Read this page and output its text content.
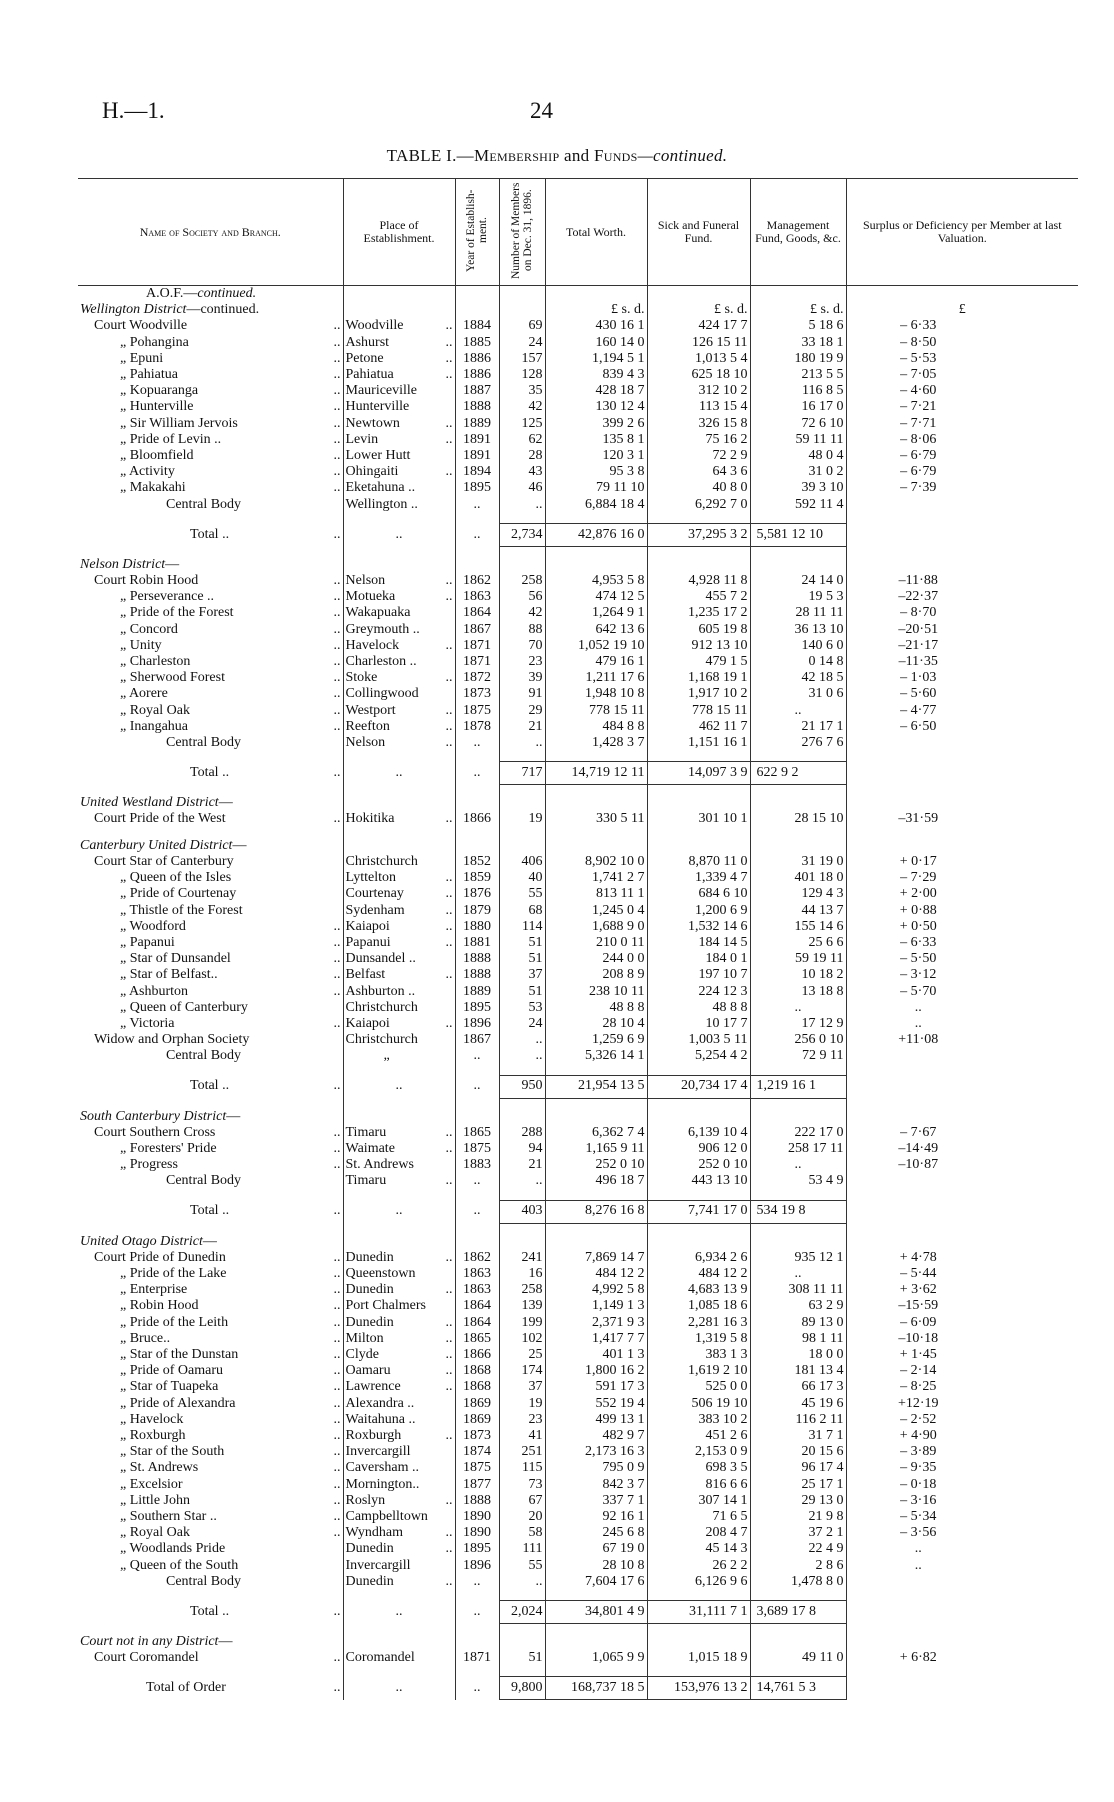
H.—1.	24
TABLE I.—Membership and Funds—continued.
Name of Society and Branch.	Place of Establishment.	Year of Establish-ment.	Number of Members on Dec. 31, 1896.	Total Worth.	Sick and Funeral Fund.	Management Fund, Goods, &c.	Surplus or Deficiency per Member at last Valuation.
A.O.F.—continued.							
Wellington District—continued.				£ s. d.	£ s. d.	£ s. d.	£
Court Woodville ..	Woodville ..	1884	69	430 16 1	424 17 7	5 18 6	– 6·33
„ Pohangina ..	Ashurst ..	1885	24	160 14 0	126 15 11	33 18 1	– 8·50
„ Epuni ..	Petone ..	1886	157	1,194 5 1	1,013 5 4	180 19 9	– 5·53
„ Pahiatua ..	Pahiatua ..	1886	128	839 4 3	625 18 10	213 5 5	– 7·05
„ Kopuaranga ..	Mauriceville	1887	35	428 18 7	312 10 2	116 8 5	– 4·60
„ Hunterville ..	Hunterville	1888	42	130 12 4	113 15 4	16 17 0	– 7·21
„ Sir William Jervois ..	Newtown ..	1889	125	399 2 6	326 15 8	72 6 10	– 7·71
„ Pride of Levin .. ..	Levin ..	1891	62	135 8 1	75 16 2	59 11 11	– 8·06
„ Bloomfield ..	Lower Hutt	1891	28	120 3 1	72 2 9	48 0 4	– 6·79
„ Activity ..	Ohingaiti ..	1894	43	95 3 8	64 3 6	31 0 2	– 6·79
„ Makakahi ..	Eketahuna ..	1895	46	79 11 10	40 8 0	39 3 10	– 7·39
Central Body	Wellington ..	..	..	6,884 18 4	6,292 7 0	592 11 4	

Total .. ..	..	..	2,734	42,876 16 0	37,295 3 2	5,581 12 10	

Nelson District—							
Court Robin Hood ..	Nelson ..	1862	258	4,953 5 8	4,928 11 8	24 14 0	–11·88
„ Perseverance .. ..	Motueka ..	1863	56	474 12 5	455 7 2	19 5 3	–22·37
„ Pride of the Forest ..	Wakapuaka	1864	42	1,264 9 1	1,235 17 2	28 11 11	– 8·70
„ Concord ..	Greymouth ..	1867	88	642 13 6	605 19 8	36 13 10	–20·51
„ Unity ..	Havelock ..	1871	70	1,052 19 10	912 13 10	140 6 0	–21·17
„ Charleston ..	Charleston ..	1871	23	479 16 1	479 1 5	0 14 8	–11·35
„ Sherwood Forest ..	Stoke ..	1872	39	1,211 17 6	1,168 19 1	42 18 5	– 1·03
„ Aorere ..	Collingwood	1873	91	1,948 10 8	1,917 10 2	31 0 6	– 5·60
„ Royal Oak ..	Westport ..	1875	29	778 15 11	778 15 11	..	– 4·77
„ Inangahua ..	Reefton ..	1878	21	484 8 8	462 11 7	21 17 1	– 6·50
Central Body	Nelson ..	..	..	1,428 3 7	1,151 16 1	276 7 6	

Total .. ..	..	..	717	14,719 12 11	14,097 3 9	622 9 2	

United Westland District—							
Court Pride of the West ..	Hokitika ..	1866	19	330 5 11	301 10 1	28 15 10	–31·59

Canterbury United District—							
Court Star of Canterbury	Christchurch	1852	406	8,902 10 0	8,870 11 0	31 19 0	+ 0·17
„ Queen of the Isles	Lyttelton ..	1859	40	1,741 2 7	1,339 4 7	401 18 0	– 7·29
„ Pride of Courtenay	Courtenay ..	1876	55	813 11 1	684 6 10	129 4 3	+ 2·00
„ Thistle of the Forest	Sydenham ..	1879	68	1,245 0 4	1,200 6 9	44 13 7	+ 0·88
„ Woodford ..	Kaiapoi ..	1880	114	1,688 9 0	1,532 14 6	155 14 6	+ 0·50
„ Papanui ..	Papanui ..	1881	51	210 0 11	184 14 5	25 6 6	– 6·33
„ Star of Dunsandel ..	Dunsandel ..	1888	51	244 0 0	184 0 1	59 19 11	– 5·50
„ Star of Belfast.. ..	Belfast ..	1888	37	208 8 9	197 10 7	10 18 2	– 3·12
„ Ashburton ..	Ashburton ..	1889	51	238 10 11	224 12 3	13 18 8	– 5·70
„ Queen of Canterbury	Christchurch	1895	53	48 8 8	48 8 8	..	..
„ Victoria ..	Kaiapoi ..	1896	24	28 10 4	10 17 7	17 12 9	..
Widow and Orphan Society	Christchurch	1867	..	1,259 6 9	1,003 5 11	256 0 10	+11·08
Central Body	„	..	..	5,326 14 1	5,254 4 2	72 9 11	

Total .. ..	..	..	950	21,954 13 5	20,734 17 4	1,219 16 1	

South Canterbury District—							
Court Southern Cross ..	Timaru ..	1865	288	6,362 7 4	6,139 10 4	222 17 0	– 7·67
„ Foresters' Pride ..	Waimate ..	1875	94	1,165 9 11	906 12 0	258 17 11	–14·49
„ Progress ..	St. Andrews	1883	21	252 0 10	252 0 10	..	–10·87
Central Body	Timaru ..	..	..	496 18 7	443 13 10	53 4 9	

Total .. ..	..	..	403	8,276 16 8	7,741 17 0	534 19 8	

United Otago District—							
Court Pride of Dunedin ..	Dunedin ..	1862	241	7,869 14 7	6,934 2 6	935 12 1	+ 4·78
„ Pride of the Lake ..	Queenstown	1863	16	484 12 2	484 12 2	..	– 5·44
„ Enterprise ..	Dunedin ..	1863	258	4,992 5 8	4,683 13 9	308 11 11	+ 3·62
„ Robin Hood ..	Port Chalmers	1864	139	1,149 1 3	1,085 18 6	63 2 9	–15·59
„ Pride of the Leith ..	Dunedin ..	1864	199	2,371 9 3	2,281 16 3	89 13 0	– 6·09
„ Bruce.. ..	Milton ..	1865	102	1,417 7 7	1,319 5 8	98 1 11	–10·18
„ Star of the Dunstan ..	Clyde ..	1866	25	401 1 3	383 1 3	18 0 0	+ 1·45
„ Pride of Oamaru ..	Oamaru ..	1868	174	1,800 16 2	1,619 2 10	181 13 4	– 2·14
„ Star of Tuapeka ..	Lawrence ..	1868	37	591 17 3	525 0 0	66 17 3	– 8·25
„ Pride of Alexandra ..	Alexandra ..	1869	19	552 19 4	506 19 10	45 19 6	+12·19
„ Havelock ..	Waitahuna ..	1869	23	499 13 1	383 10 2	116 2 11	– 2·52
„ Roxburgh ..	Roxburgh ..	1873	41	482 9 7	451 2 6	31 7 1	+ 4·90
„ Star of the South ..	Invercargill	1874	251	2,173 16 3	2,153 0 9	20 15 6	– 3·89
„ St. Andrews ..	Caversham ..	1875	115	795 0 9	698 3 5	96 17 4	– 9·35
„ Excelsior ..	Mornington..	1877	73	842 3 7	816 6 6	25 17 1	– 0·18
„ Little John ..	Roslyn ..	1888	67	337 7 1	307 14 1	29 13 0	– 3·16
„ Southern Star .. ..	Campbelltown	1890	20	92 16 1	71 6 5	21 9 8	– 5·34
„ Royal Oak ..	Wyndham ..	1890	58	245 6 8	208 4 7	37 2 1	– 3·56
„ Woodlands Pride	Dunedin ..	1895	111	67 19 0	45 14 3	22 4 9	..
„ Queen of the South	Invercargill	1896	55	28 10 8	26 2 2	2 8 6	..
Central Body	Dunedin ..	..	..	7,604 17 6	6,126 9 6	1,478 8 0	

Total .. ..	..	..	2,024	34,801 4 9	31,111 7 1	3,689 17 8	

Court not in any District—							
Court Coromandel ..	Coromandel	1871	51	1,065 9 9	1,015 18 9	49 11 0	+ 6·82

Total of Order ..	..	..	9,800	168,737 18 5	153,976 13 2	14,761 5 3	
